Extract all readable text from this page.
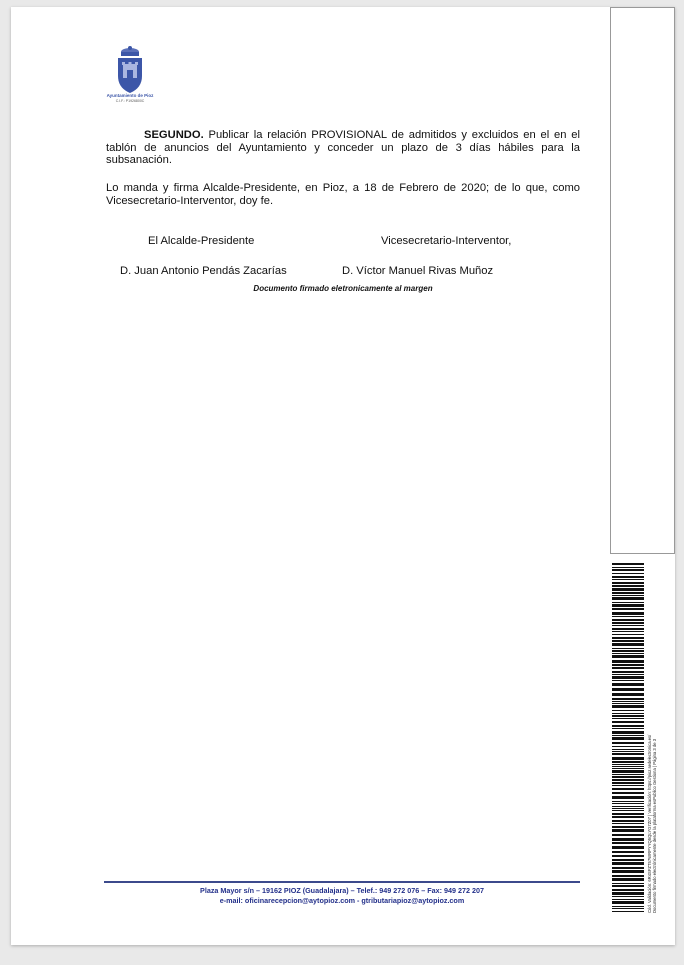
Ayuntamiento de Pioz
C.I.F.: P1926800C
SEGUNDO. Publicar la relación PROVISIONAL de admitidos y excluidos en el en el tablón de anuncios del Ayuntamiento y conceder un plazo de 3 días hábiles para la subsanación.
Lo manda y firma Alcalde-Presidente, en Pioz, a 18 de Febrero de 2020; de lo que, como Vicesecretario-Interventor, doy fe.
El Alcalde-Presidente	Vicesecretario-Interventor,
D. Juan Antonio Pendás Zacarías	D. Víctor Manuel Rivas Muñoz
Documento firmado eletronicamente al margen
Cód. Validación: 6R4SFZT57WRPYYQ5QLYG7Z07 | Verificación: https://pioz.sedelectronica.es/ Documento firmado electrónicamente desde la plataforma esPublico Gestiona | Página 3 de 3
Plaza Mayor s/n – 19162 PIOZ (Guadalajara) – Telef.: 949 272 076 – Fax: 949 272 207
e-mail: oficinarecepcion@aytopioz.com - gtributariapioz@aytopioz.com
